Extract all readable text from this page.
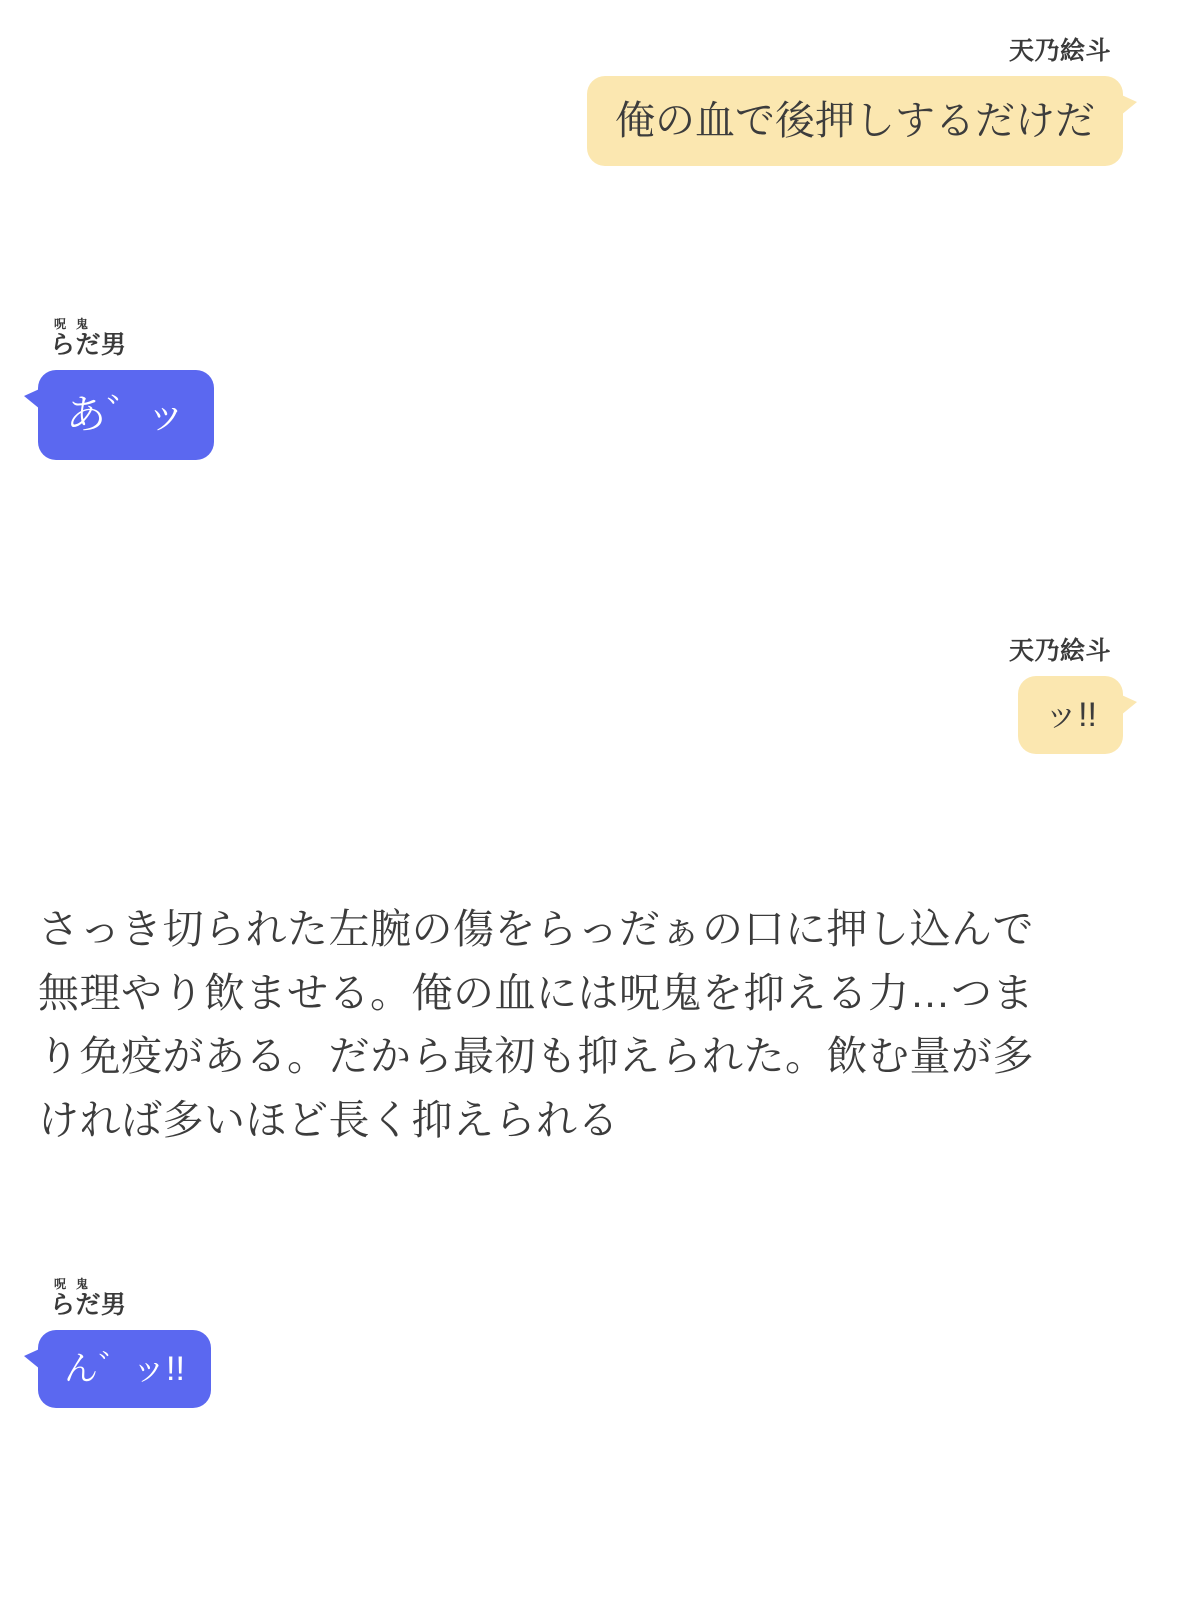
天乃絵斗
俺の血で後押しするだけだ
呪鬼
らだ男
あ゛ッ
天乃絵斗
ッ!!

さっき切られた左腕の傷をらっだぁの口に押し込んで無理やり飲ませる。俺の血には呪鬼を抑える力…つまり免疫がある。だから最初も抑えられた。飲む量が多ければ多いほど長く抑えられる

呪鬼
らだ男
ん゛ッ!!
